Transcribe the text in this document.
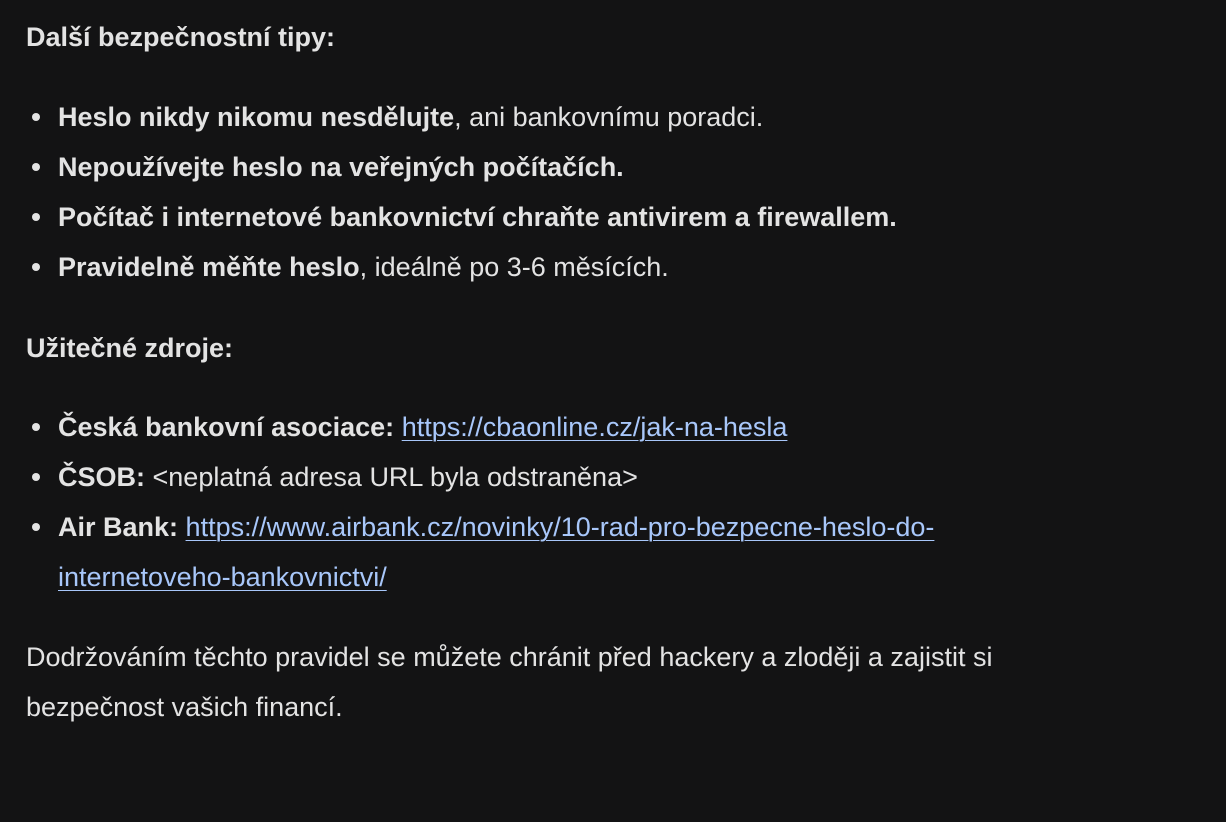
Další bezpečnostní tipy:

Heslo nikdy nikomu nesdělujte, ani bankovnímu poradci.
Nepoužívejte heslo na veřejných počítačích.
Počítač i internetové bankovnictví chraňte antivirem a firewallem.
Pravidelně měňte heslo, ideálně po 3-6 měsících.

Užitečné zdroje:

Česká bankovní asociace: https://cbaonline.cz/jak-na-hesla
ČSOB: <neplatná adresa URL byla odstraněna>
Air Bank: https://www.airbank.cz/novinky/10-rad-pro-bezpecne-heslo-do-
internetoveho-bankovnictvi/

Dodržováním těchto pravidel se můžete chránit před hackery a zloději a zajistit si
bezpečnost vašich financí.
